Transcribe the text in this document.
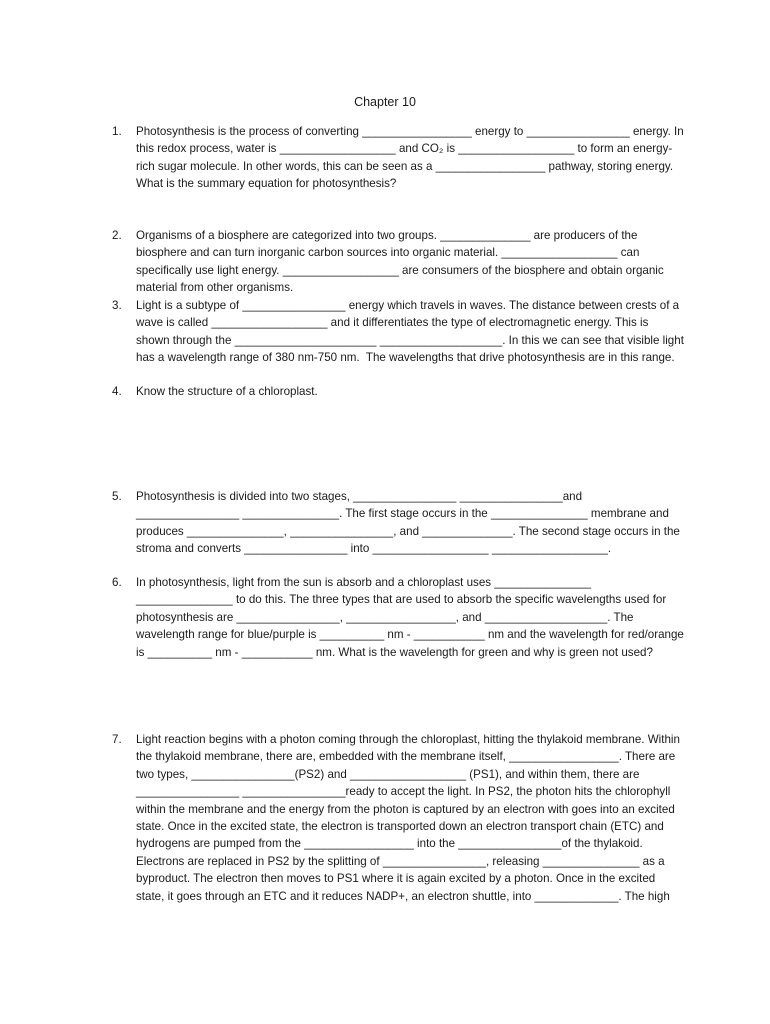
Chapter 10
1.	Photosynthesis is the process of converting _________________ energy to ________________ energy. In this redox process, water is __________________ and CO₂ is __________________ to form an energy-rich sugar molecule. In other words, this can be seen as a _________________ pathway, storing energy. What is the summary equation for photosynthesis?
2.	Organisms of a biosphere are categorized into two groups. ______________ are producers of the biosphere and can turn inorganic carbon sources into organic material. __________________ can specifically use light energy. __________________ are consumers of the biosphere and obtain organic material from other organisms.
3.	Light is a subtype of ________________ energy which travels in waves. The distance between crests of a wave is called __________________ and it differentiates the type of electromagnetic energy. This is shown through the ______________________ ___________________. In this we can see that visible light has a wavelength range of 380 nm-750 nm.  The wavelengths that drive photosynthesis are in this range.
4.	Know the structure of a chloroplast.
5.	Photosynthesis is divided into two stages, ________________ ________________and ________________ _______________. The first stage occurs in the _______________ membrane and produces _______________, ________________, and ______________. The second stage occurs in the stroma and converts ________________ into __________________ __________________.
6.	In photosynthesis, light from the sun is absorb and a chloroplast uses _______________ _______________ to do this. The three types that are used to absorb the specific wavelengths used for photosynthesis are ________________, _________________, and ___________________. The wavelength range for blue/purple is __________ nm - ___________ nm and the wavelength for red/orange is __________ nm - ___________ nm. What is the wavelength for green and why is green not used?
7.	Light reaction begins with a photon coming through the chloroplast, hitting the thylakoid membrane. Within the thylakoid membrane, there are, embedded with the membrane itself, _________________. There are two types, ________________(PS2) and __________________ (PS1), and within them, there are ________________ ________________ready to accept the light. In PS2, the photon hits the chlorophyll within the membrane and the energy from the photon is captured by an electron with goes into an excited state. Once in the excited state, the electron is transported down an electron transport chain (ETC) and hydrogens are pumped from the _________________ into the ________________of the thylakoid. Electrons are replaced in PS2 by the splitting of ________________, releasing _______________ as a byproduct. The electron then moves to PS1 where it is again excited by a photon. Once in the excited state, it goes through an ETC and it reduces NADP+, an electron shuttle, into _____________. The high
